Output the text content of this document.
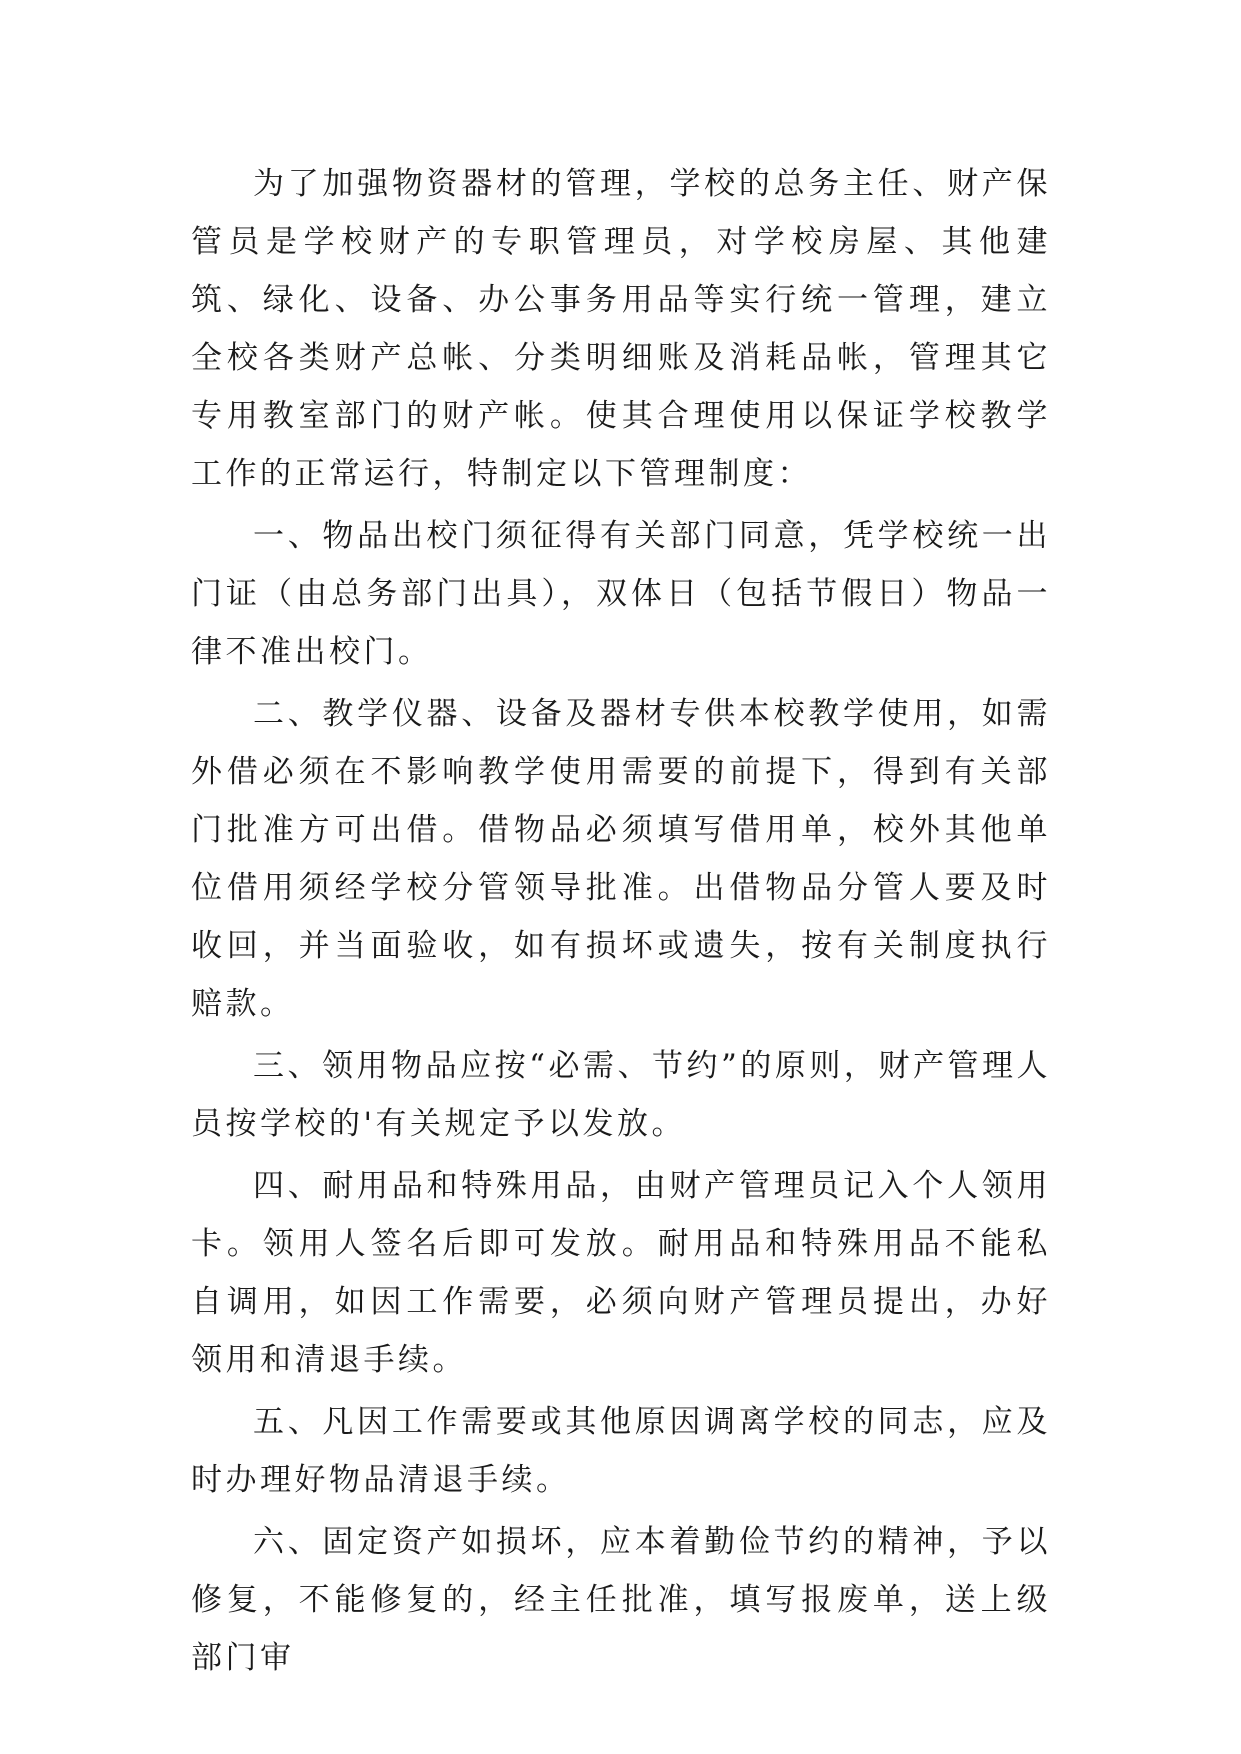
为了加强物资器材的管理，学校的总务主任、财产保管员是学校财产的专职管理员，对学校房屋、其他建筑、绿化、设备、办公事务用品等实行统一管理，建立全校各类财产总帐、分类明细账及消耗品帐，管理其它专用教室部门的财产帐。使其合理使用以保证学校教学工作的正常运行，特制定以下管理制度：

一、物品出校门须征得有关部门同意，凭学校统一出门证（由总务部门出具），双体日（包括节假日）物品一律不准出校门。

二、教学仪器、设备及器材专供本校教学使用，如需外借必须在不影响教学使用需要的前提下，得到有关部门批准方可出借。借物品必须填写借用单，校外其他单位借用须经学校分管领导批准。出借物品分管人要及时收回，并当面验收，如有损坏或遗失，按有关制度执行赔款。

三、领用物品应按“必需、节约”的原则，财产管理人员按学校的'有关规定予以发放。

四、耐用品和特殊用品，由财产管理员记入个人领用卡。领用人签名后即可发放。耐用品和特殊用品不能私自调用，如因工作需要，必须向财产管理员提出，办好领用和清退手续。

五、凡因工作需要或其他原因调离学校的同志，应及时办理好物品清退手续。

六、固定资产如损坏，应本着勤俭节约的精神，予以修复，不能修复的，经主任批准，填写报废单，送上级部门审
